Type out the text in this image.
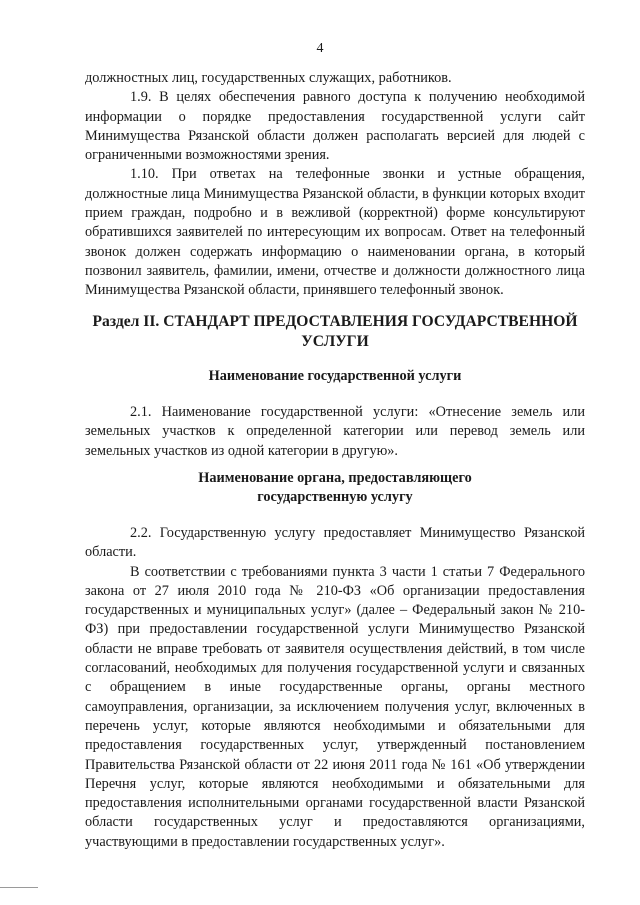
4

должностных лиц, государственных служащих, работников.

1.9. В целях обеспечения равного доступа к получению необходимой информации о порядке предоставления государственной услуги сайт Минимущества Рязанской области должен располагать версией для людей с ограниченными возможностями зрения.

1.10. При ответах на телефонные звонки и устные обращения, должностные лица Минимущества Рязанской области, в функции которых входит прием граждан, подробно и в вежливой (корректной) форме консультируют обратившихся заявителей по интересующим их вопросам. Ответ на телефонный звонок должен содержать информацию о наименовании органа, в который позвонил заявитель, фамилии, имени, отчестве и должности должностного лица Минимущества Рязанской области, принявшего телефонный звонок.

Раздел II. СТАНДАРТ ПРЕДОСТАВЛЕНИЯ ГОСУДАРСТВЕННОЙ УСЛУГИ
Наименование государственной услуги

2.1. Наименование государственной услуги: «Отнесение земель или земельных участков к определенной категории или перевод земель или земельных участков из одной категории в другую».

Наименование органа, предоставляющего
государственную услугу

2.2. Государственную услугу предоставляет Минимущество Рязанской области.

В соответствии с требованиями пункта 3 части 1 статьи 7 Федерального закона от 27 июля 2010 года № 210-ФЗ «Об организации предоставления государственных и муниципальных услуг» (далее – Федеральный закон № 210-ФЗ) при предоставлении государственной услуги Минимущество Рязанской области не вправе требовать от заявителя осуществления действий, в том числе согласований, необходимых для получения государственной услуги и связанных с обращением в иные государственные органы, органы местного самоуправления, организации, за исключением получения услуг, включенных в перечень услуг, которые являются необходимыми и обязательными для предоставления государственных услуг, утвержденный постановлением Правительства Рязанской области от 22 июня 2011 года № 161 «Об утверждении Перечня услуг, которые являются необходимыми и обязательными для предоставления исполнительными органами государственной власти Рязанской области государственных услуг и предоставляются организациями, участвующими в предоставлении государственных услуг».
